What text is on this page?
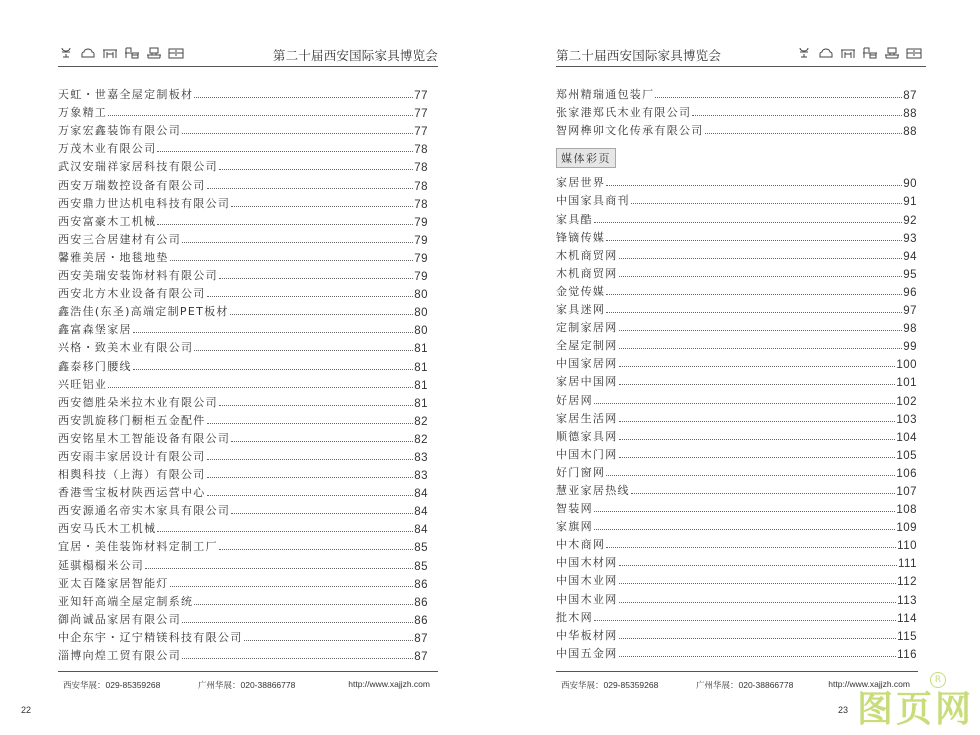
第二十届西安国际家具博览会
天虹・世嘉全屋定制板材	77
万象精工	77
万家宏鑫装饰有限公司	77
万茂木业有限公司	78
武汉安瑞祥家居科技有限公司	78
西安万瑞数控设备有限公司	78
西安鼎力世达机电科技有限公司	78
西安富豪木工机械	79
西安三合居建材有公司	79
馨雅美居・地毯地垫	79
西安美瑞安装饰材料有限公司	79
西安北方木业设备有限公司	80
鑫浩佳(东圣)高端定制PET板材	80
鑫富森堡家居	80
兴格・致美木业有限公司	81
鑫泰移门腰线	81
兴旺铝业	81
西安德胜朵米拉木业有限公司	81
西安凯旋移门橱柜五金配件	82
西安铭星木工智能设备有限公司	82
西安雨丰家居设计有限公司	83
相舆科技（上海）有限公司	83
香港雪宝板材陕西运营中心	84
西安源通名帝实木家具有限公司	84
西安马氏木工机械	84
宜居・美佳装饰材料定制工厂	85
延骐榻榻米公司	85
亚太百隆家居智能灯	86
亚知轩高端全屋定制系统	86
御尚诚品家居有限公司	86
中企东宇・辽宁精镁科技有限公司	87
淄博向煌工贸有限公司	87
西安华展：029-85359268	广州华展：020-38866778	http://www.xajjzh.com
22
第二十届西安国际家具博览会
郑州精瑞通包装厂	87
张家港郑氏木业有限公司	88
智网榫卯文化传承有限公司	88
媒体彩页
家居世界	90
中国家具商刊	91
家具酷	92
锋镝传媒	93
木机商贸网	94
木机商贸网	95
金觉传媒	96
家具迷网	97
定制家居网	98
全屋定制网	99
中国家居网	100
家居中国网	101
好居网	102
家居生活网	103
顺德家具网	104
中国木门网	105
好门窗网	106
慧亚家居热线	107
智装网	108
家旗网	109
中木商网	110
中国木材网	111
中国木业网	112
中国木业网	113
批木网	114
中华板材网	115
中国五金网	116
西安华展：029-85359268	广州华展：020-38866778	http://www.xajjzh.com
23 图页网
R
